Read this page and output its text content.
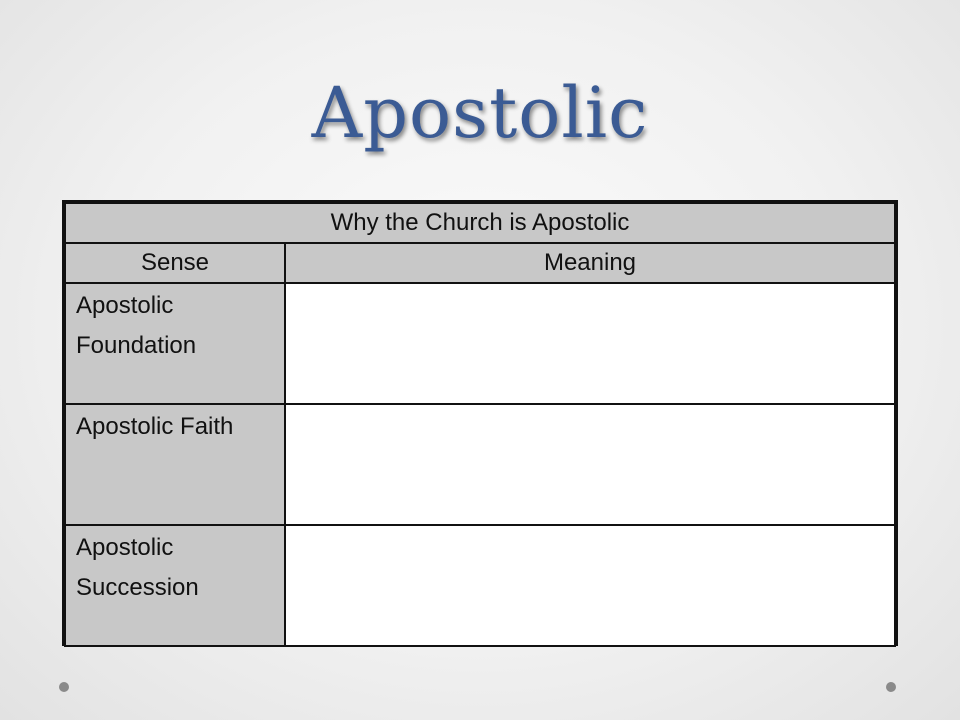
Apostolic
Why the Church is Apostolic	
Sense	Meaning
Apostolic Foundation	
Apostolic Faith	
Apostolic Succession	
